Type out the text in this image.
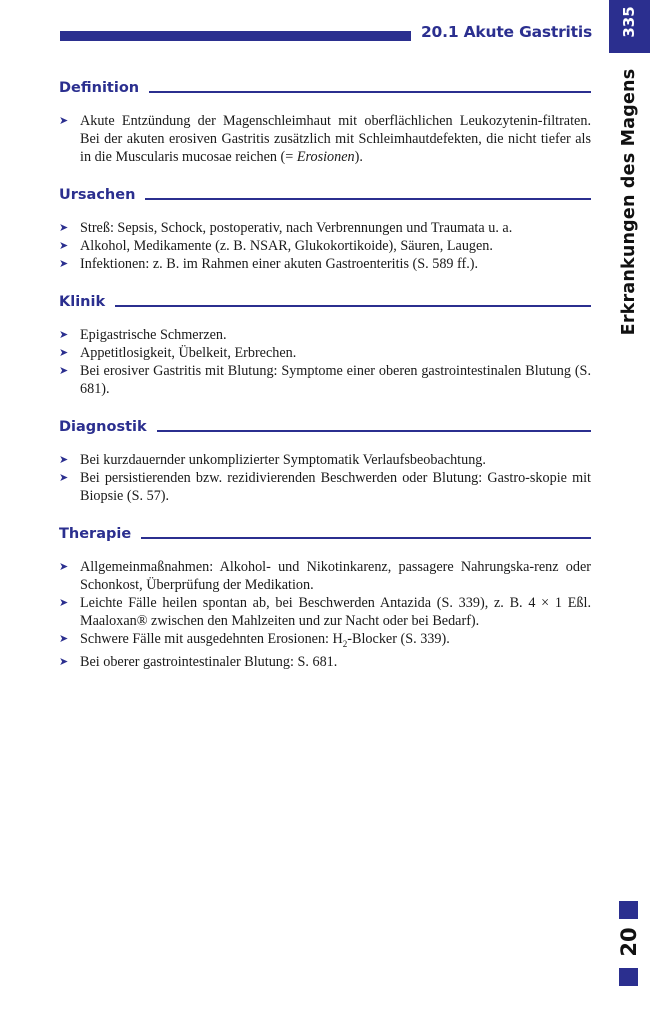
20.1 Akute Gastritis 335
Erkrankungen des Magens
20
Definition
➤ Akute Entzündung der Magenschleimhaut mit oberflächlichen Leukozytenin-filtraten. Bei der akuten erosiven Gastritis zusätzlich mit Schleimhautdefekten, die nicht tiefer als in die Muscularis mucosae reichen (= Erosionen).
Ursachen
➤ Streß: Sepsis, Schock, postoperativ, nach Verbrennungen und Traumata u. a.
➤ Alkohol, Medikamente (z. B. NSAR, Glukokortikoide), Säuren, Laugen.
➤ Infektionen: z. B. im Rahmen einer akuten Gastroenteritis (S. 589 ff.).
Klinik
➤ Epigastrische Schmerzen.
➤ Appetitlosigkeit, Übelkeit, Erbrechen.
➤ Bei erosiver Gastritis mit Blutung: Symptome einer oberen gastrointestinalen Blutung (S. 681).
Diagnostik
➤ Bei kurzdauernder unkomplizierter Symptomatik Verlaufsbeobachtung.
➤ Bei persistierenden bzw. rezidivierenden Beschwerden oder Blutung: Gastro-skopie mit Biopsie (S. 57).
Therapie
➤ Allgemeinmaßnahmen: Alkohol- und Nikotinkarenz, passagere Nahrungska-renz oder Schonkost, Überprüfung der Medikation.
➤ Leichte Fälle heilen spontan ab, bei Beschwerden Antazida (S. 339), z. B. 4 × 1 Eßl. Maaloxan® zwischen den Mahlzeiten und zur Nacht oder bei Bedarf).
➤ Schwere Fälle mit ausgedehnten Erosionen: $H_2$-Blocker (S. 339).
➤ Bei oberer gastrointestinaler Blutung: S. 681.
